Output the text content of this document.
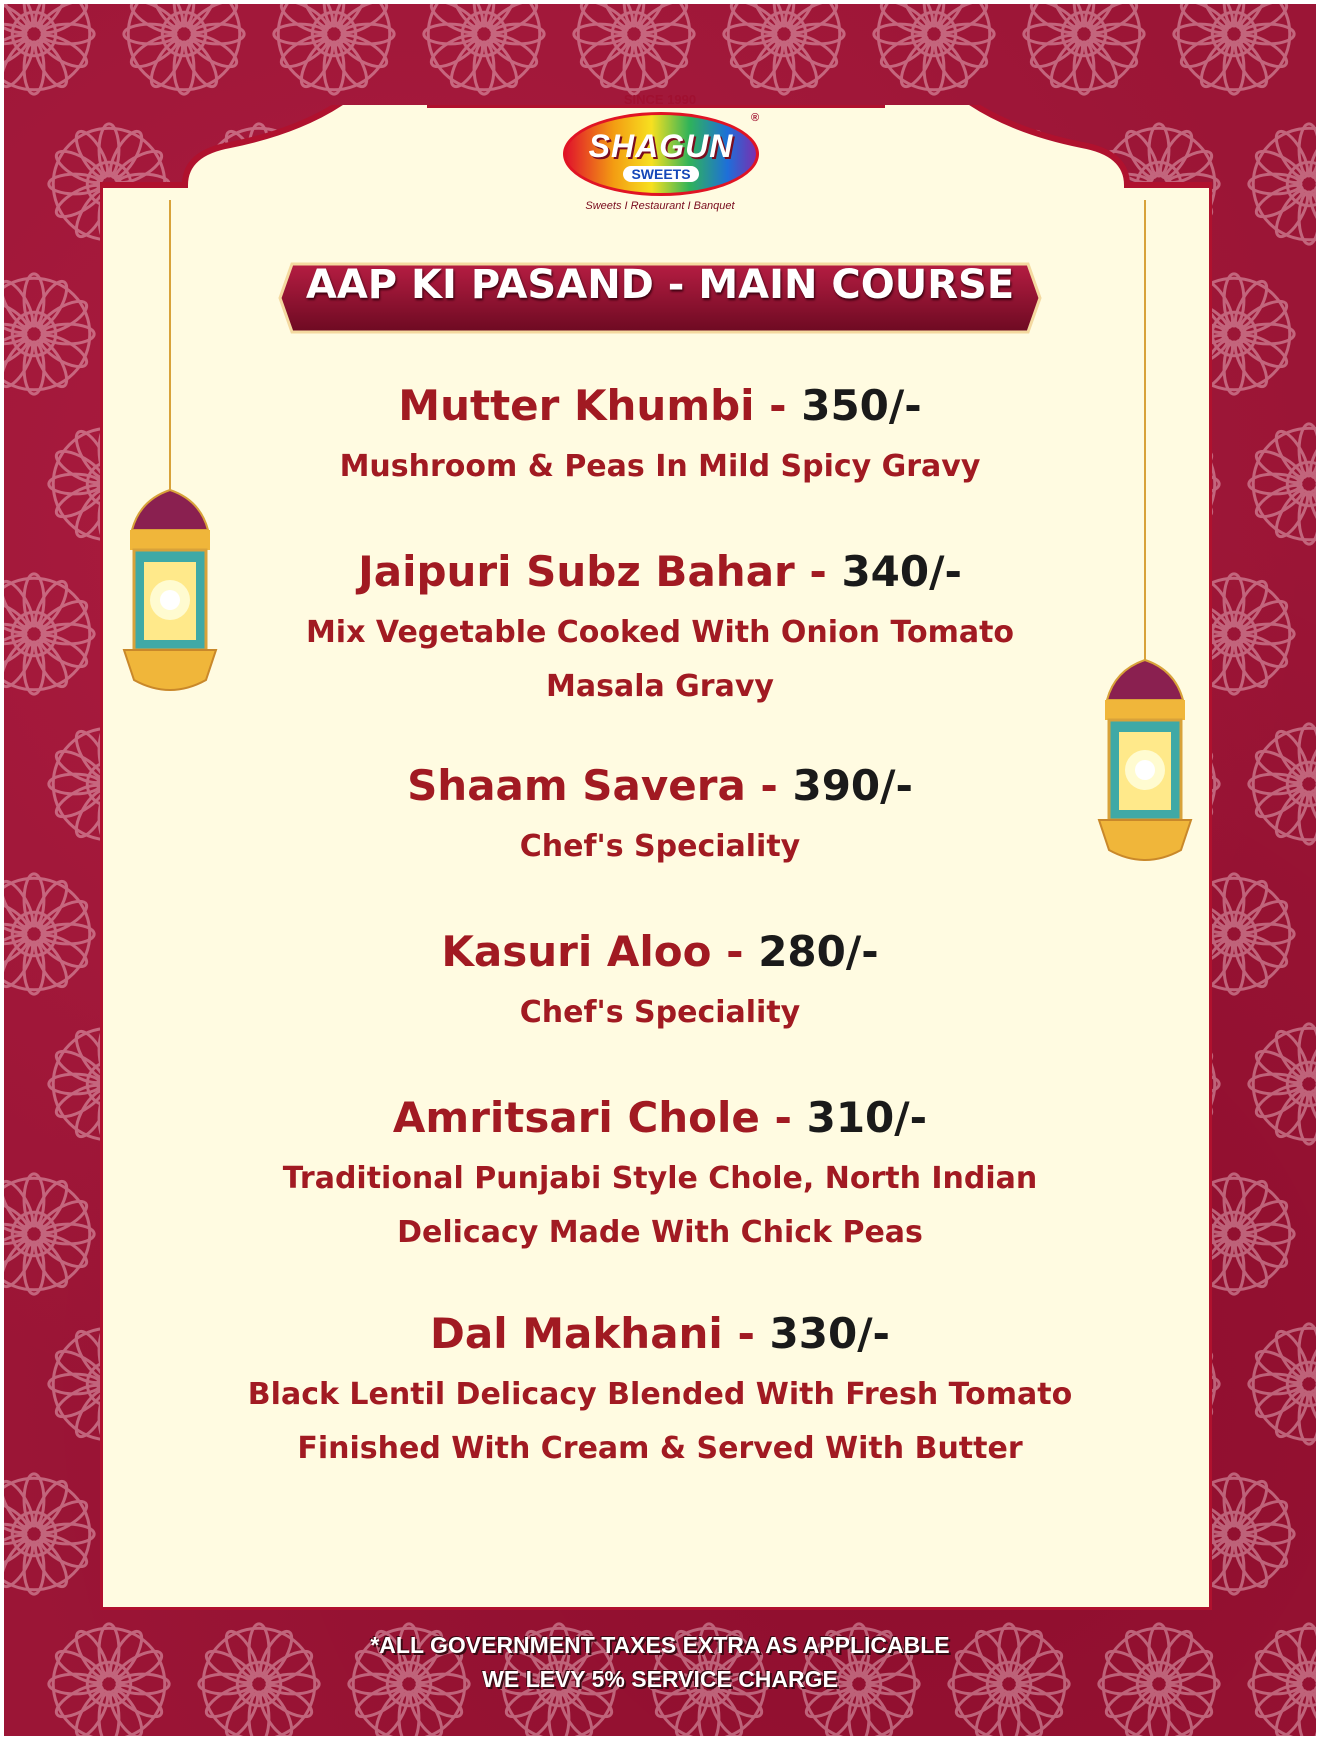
SINCE 1990
SHAGUN
SWEETS
®
Sweets I Restaurant I Banquet
AAP KI PASAND - MAIN COURSE
Mutter Khumbi - 350/-
Mushroom & Peas In Mild Spicy Gravy
Jaipuri Subz Bahar - 340/-
Mix Vegetable Cooked With Onion Tomato
Masala Gravy
Shaam Savera - 390/-
Chef's Speciality
Kasuri Aloo - 280/-
Chef's Speciality
Amritsari Chole - 310/-
Traditional Punjabi Style Chole, North Indian
Delicacy Made With Chick Peas
Dal Makhani - 330/-
Black Lentil Delicacy Blended With Fresh Tomato
Finished With Cream & Served With Butter
*ALL GOVERNMENT TAXES EXTRA AS APPLICABLE
WE LEVY 5% SERVICE CHARGE
